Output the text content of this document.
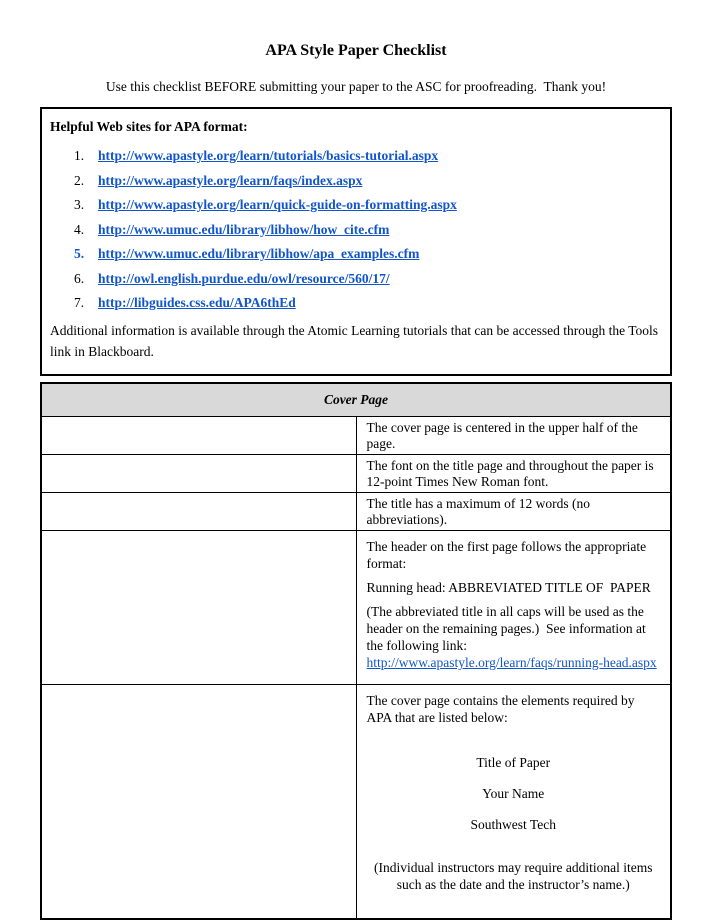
APA Style Paper Checklist
Use this checklist BEFORE submitting your paper to the ASC for proofreading.  Thank you!
Helpful Web sites for APA format:
1. http://www.apastyle.org/learn/tutorials/basics-tutorial.aspx
2. http://www.apastyle.org/learn/faqs/index.aspx
3. http://www.apastyle.org/learn/quick-guide-on-formatting.aspx
4. http://www.umuc.edu/library/libhow/how_cite.cfm
5. http://www.umuc.edu/library/libhow/apa_examples.cfm
6. http://owl.english.purdue.edu/owl/resource/560/17/
7. http://libguides.css.edu/APA6thEd
Additional information is available through the Atomic Learning tutorials that can be accessed through the Tools link in Blackboard.
Cover Page	
	The cover page is centered in the upper half of the page.
	The font on the title page and throughout the paper is 12-point Times New Roman font.
	The title has a maximum of 12 words (no abbreviations).

	The header on the first page follows the appropriate format:
Running head: ABBREVIATED TITLE OF  PAPER
(The abbreviated title in all caps will be used as the header on the remaining pages.)  See information at the following link: http://www.apastyle.org/learn/faqs/running-head.aspx

	The cover page contains the elements required by APA that are listed below:
Title of Paper
Your Name
Southwest Tech
(Individual instructors may require additional items such as the date and the instructor’s name.)
